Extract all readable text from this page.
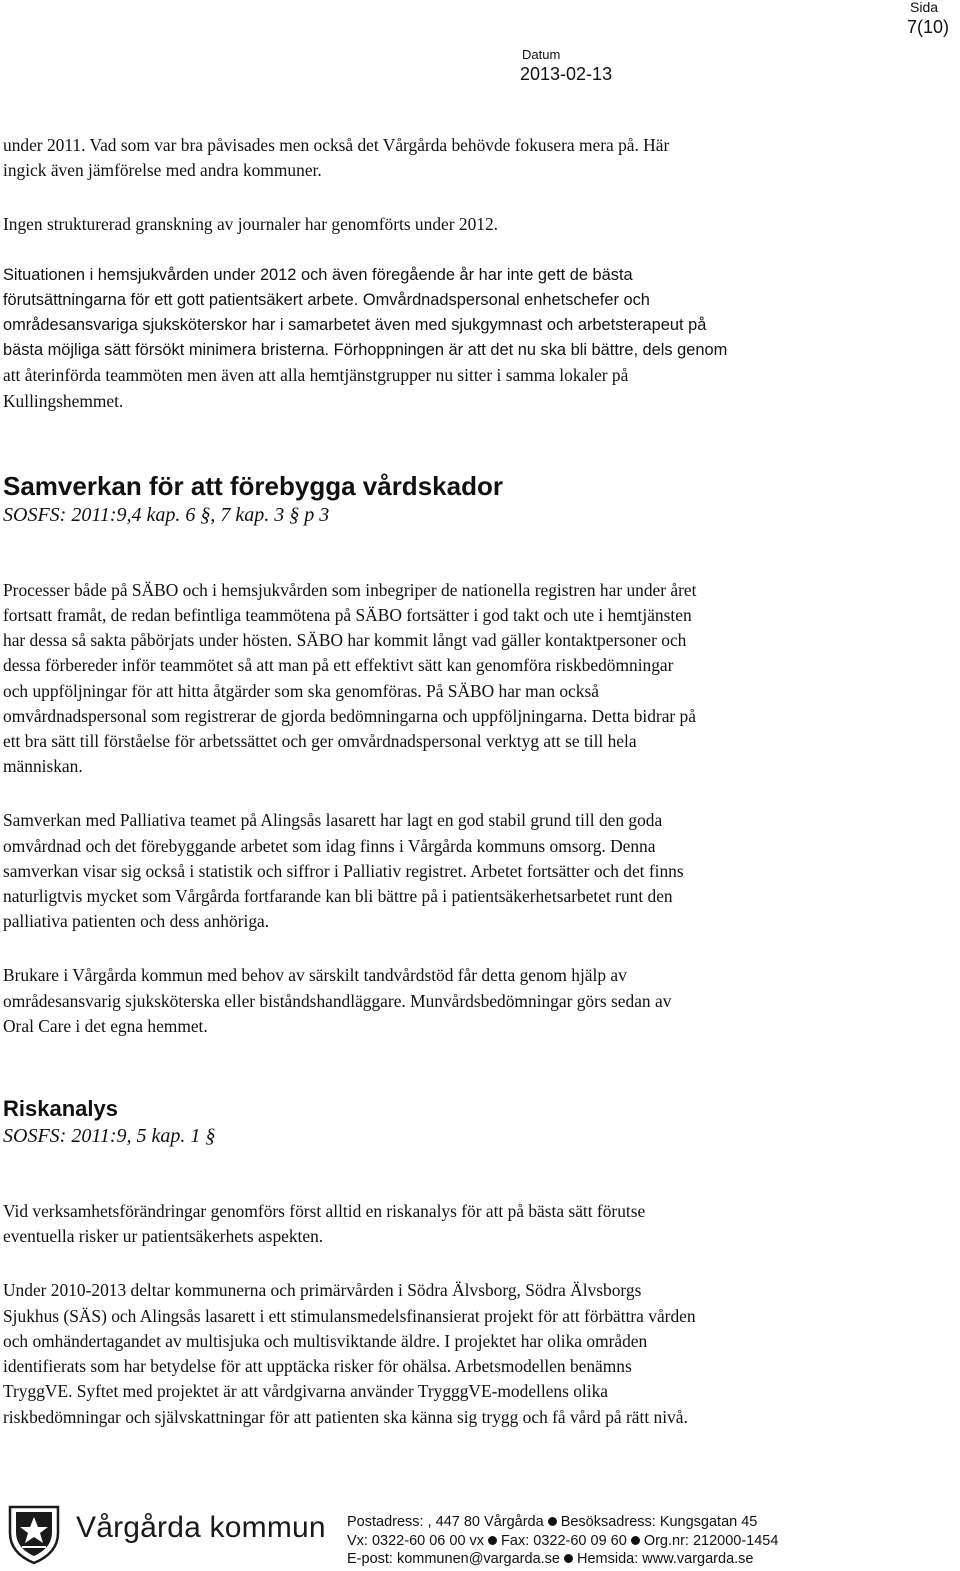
Sida
7(10)
Datum
2013-02-13

under 2011. Vad som var bra påvisades men också det Vårgårda behövde fokusera mera på. Här

ingick även jämförelse med andra kommuner.

Ingen strukturerad granskning av journaler har genomförts under 2012.

Situationen i hemsjukvården under 2012 och även föregående år har inte gett de bästa

förutsättningarna för ett gott patientsäkert arbete. Omvårdnadspersonal enhetschefer och

områdesansvariga sjuksköterskor har i samarbetet även med sjukgymnast och arbetsterapeut på

bästa möjliga sätt försökt minimera bristerna. Förhoppningen är att det nu ska bli bättre, dels genom

att återinförda teammöten men även att alla hemtjänstgrupper nu sitter i samma lokaler på

Kullingshemmet.

Samverkan för att förebygga vårdskador

SOSFS: 2011:9,4 kap. 6 §, 7 kap. 3 § p 3

Processer både på SÄBO och i hemsjukvården som inbegriper de nationella registren har under året

fortsatt framåt, de redan befintliga teammötena på SÄBO fortsätter i god takt och ute i hemtjänsten

har dessa så sakta påbörjats under hösten. SÄBO har kommit långt vad gäller kontaktpersoner och

dessa förbereder inför teammötet så att man på ett effektivt sätt kan genomföra riskbedömningar

och uppföljningar för att hitta åtgärder som ska genomföras. På SÄBO har man också

omvårdnadspersonal som registrerar de gjorda bedömningarna och uppföljningarna. Detta bidrar på

ett bra sätt till förståelse för arbetssättet och ger omvårdnadspersonal verktyg att se till hela

människan.

Samverkan med Palliativa teamet på Alingsås lasarett har lagt en god stabil grund till den goda

omvårdnad och det förebyggande arbetet som idag finns i Vårgårda kommuns omsorg. Denna

samverkan visar sig också i statistik och siffror i Palliativ registret. Arbetet fortsätter och det finns

naturligtvis mycket som Vårgårda fortfarande kan bli bättre på i patientsäkerhetsarbetet runt den

palliativa patienten och dess anhöriga.

Brukare i Vårgårda kommun med behov av särskilt tandvårdstöd får detta genom hjälp av

områdesansvarig sjuksköterska eller biståndshandläggare. Munvårdsbedömningar görs sedan av

Oral Care i det egna hemmet.

Riskanalys

SOSFS: 2011:9, 5 kap. 1 §

Vid verksamhetsförändringar genomförs först alltid en riskanalys för att på bästa sätt förutse

eventuella risker ur patientsäkerhets aspekten.

Under 2010-2013 deltar kommunerna och primärvården i Södra Älvsborg, Södra Älvsborgs

Sjukhus (SÄS) och Alingsås lasarett i ett stimulansmedelsfinansierat projekt för att förbättra vården

och omhändertagandet av multisjuka och multisviktande äldre. I projektet har olika områden

identifierats som har betydelse för att upptäcka risker för ohälsa. Arbetsmodellen benämns

TryggVE. Syftet med projektet är att vårdgivarna använder TrygggVE-modellens olika

riskbedömningar och självskattningar för att patienten ska känna sig trygg och få vård på rätt nivå.

Vårgårda kommun Postadress: , 447 80 Vårgårda Besöksadress: Kungsgatan 45
Vx: 0322-60 06 00 vx Fax: 0322-60 09 60 Org.nr: 212000-1454
E-post: kommunen@vargarda.se Hemsida: www.vargarda.se
